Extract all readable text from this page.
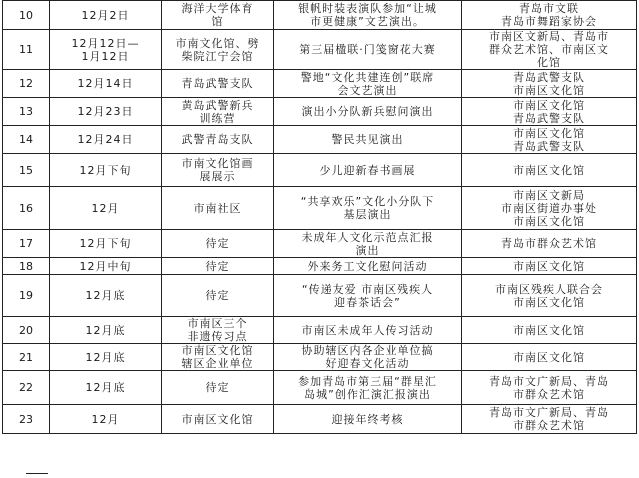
10	12月2日	海洋大学体育
馆	银帆时装表演队参加“让城
市更健康”文艺演出。	青岛市文联
青岛市舞蹈家协会

11	12月12日—
1月12日	市南文化馆、劈
柴院江宁会馆	第三届楹联·门笺窗花大赛	市南区文新局、青岛市
群众艺术馆、市南区文
化馆

12	12月14日	青岛武警支队	警地“文化共建连创”联席
会文艺演出	青岛武警支队
市南区文化馆

13	12月23日	黄岛武警新兵
训练营	演出小分队新兵慰问演出	市南区文化馆
青岛武警支队

14	12月24日	武警青岛支队	警民共见演出	市南区文化馆
青岛武警支队

15	12月下旬	市南文化馆画
展展示	少儿迎新春书画展	市南区文化馆

16	12月	市南社区	“共享欢乐”文化小分队下
基层演出	市南区文新局
市南区街道办事处
市南区文化馆

17	12月下旬	待定	未成年人文化示范点汇报
演出	青岛市群众艺术馆

18	12月中旬	待定	外来务工文化慰问活动	市南区文化馆

19	12月底	待定	“传递友爱 市南区残疾人
迎春茶话会”	市南区残疾人联合会
市南区文化馆

20	12月底	市南区三个
非遗传习点	市南区未成年人传习活动	市南区文化馆

21	12月底	市南区文化馆
辖区企业单位	协助辖区内各企业单位搞
好迎春文化活动	市南区文化馆

22	12月底	待定	参加青岛市第三届“群星汇
岛城”创作汇演汇报演出	青岛市文广新局、青岛
市群众艺术馆

23	12月	市南区文化馆	迎接年终考核	青岛市文广新局、青岛
市群众艺术馆
